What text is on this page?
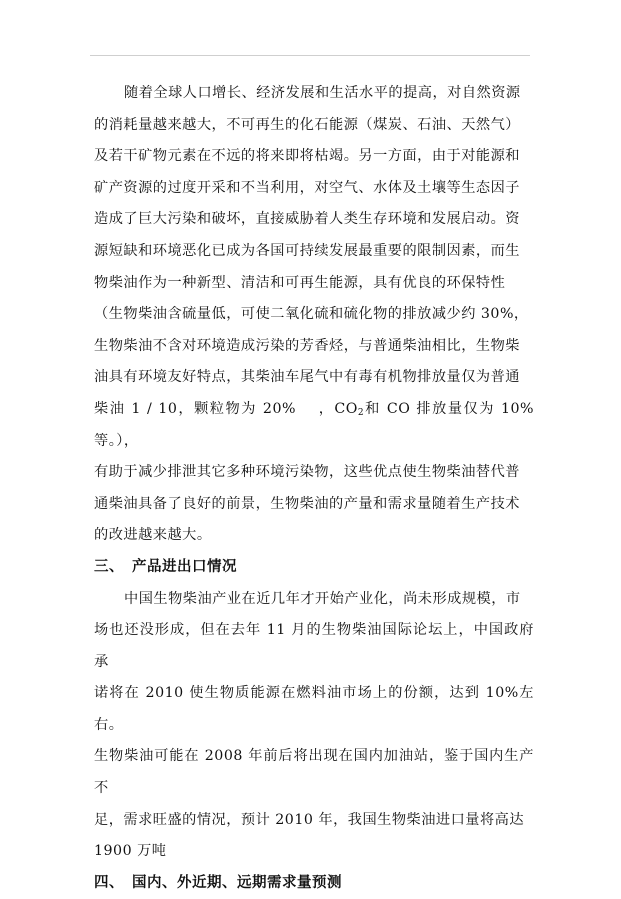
随着全球人口增长、经济发展和生活水平的提高，对自然资源
的消耗量越来越大，不可再生的化石能源（煤炭、石油、天然气）
及若干矿物元素在不远的将来即将枯竭。另一方面，由于对能源和
矿产资源的过度开采和不当利用，对空气、水体及土壤等生态因子
造成了巨大污染和破坏，直接威胁着人类生存环境和发展启动。资
源短缺和环境恶化已成为各国可持续发展最重要的限制因素，而生
物柴油作为一种新型、清洁和可再生能源，具有优良的环保特性
（生物柴油含硫量低，可使二氧化硫和硫化物的排放减少约 30%，
生物柴油不含对环境造成污染的芳香烃，与普通柴油相比，生物柴
油具有环境友好特点，其柴油车尾气中有毒有机物排放量仅为普通
柴油 1 / 10，颗粒物为 20%　 ，$CO_2$和 CO 排放量仅为 10%等。），
有助于减少排泄其它多种环境污染物，这些优点使生物柴油替代普
通柴油具备了良好的前景，生物柴油的产量和需求量随着生产技术
的改进越来越大。

三、 产品进出口情况

中国生物柴油产业在近几年才开始产业化，尚未形成规模，市
场也还没形成，但在去年 11 月的生物柴油国际论坛上，中国政府承
诺将在 2010 使生物质能源在燃料油市场上的份额，达到 10%左右。
生物柴油可能在 2008 年前后将出现在国内加油站，鉴于国内生产不
足，需求旺盛的情况，预计 2010 年，我国生物柴油进口量将高达
1900 万吨

四、 国内、外近期、远期需求量预测
